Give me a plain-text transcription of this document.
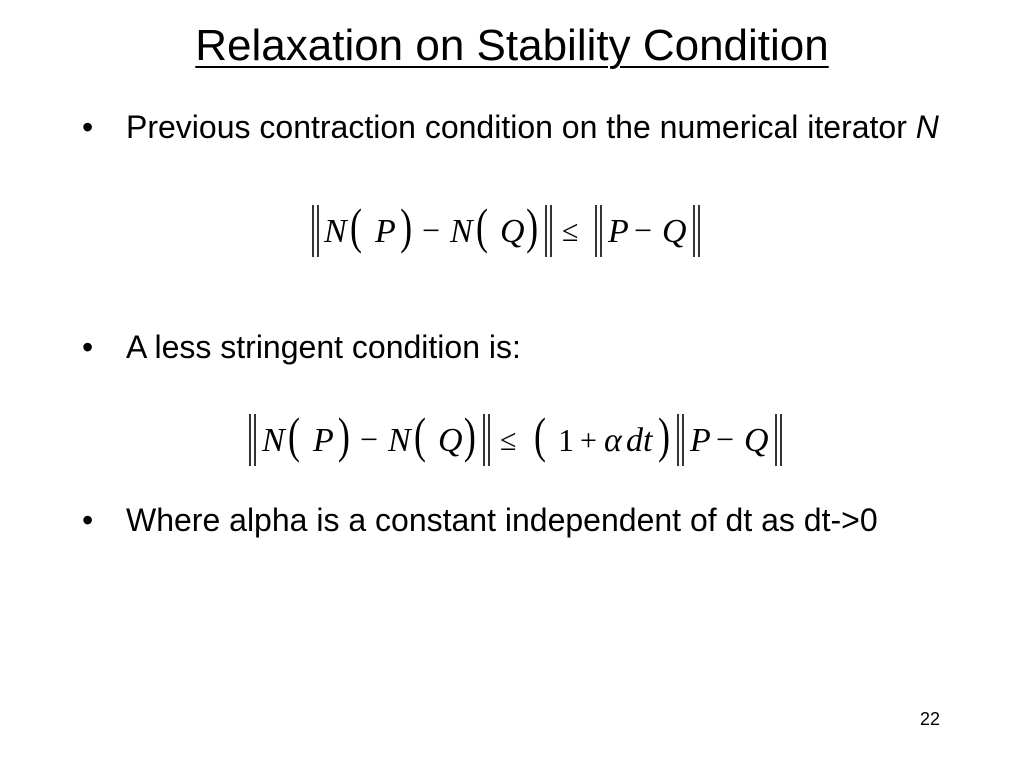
Relaxation on Stability Condition
•	Previous contraction condition on the numerical iterator N
N ( P ) − N ( Q ) ≤ P − Q
•	A less stringent condition is:
N ( P ) − N ( Q ) ≤ ( 1 + α dt ) P − Q
•	Where alpha is a constant independent of dt as dt->0
22
